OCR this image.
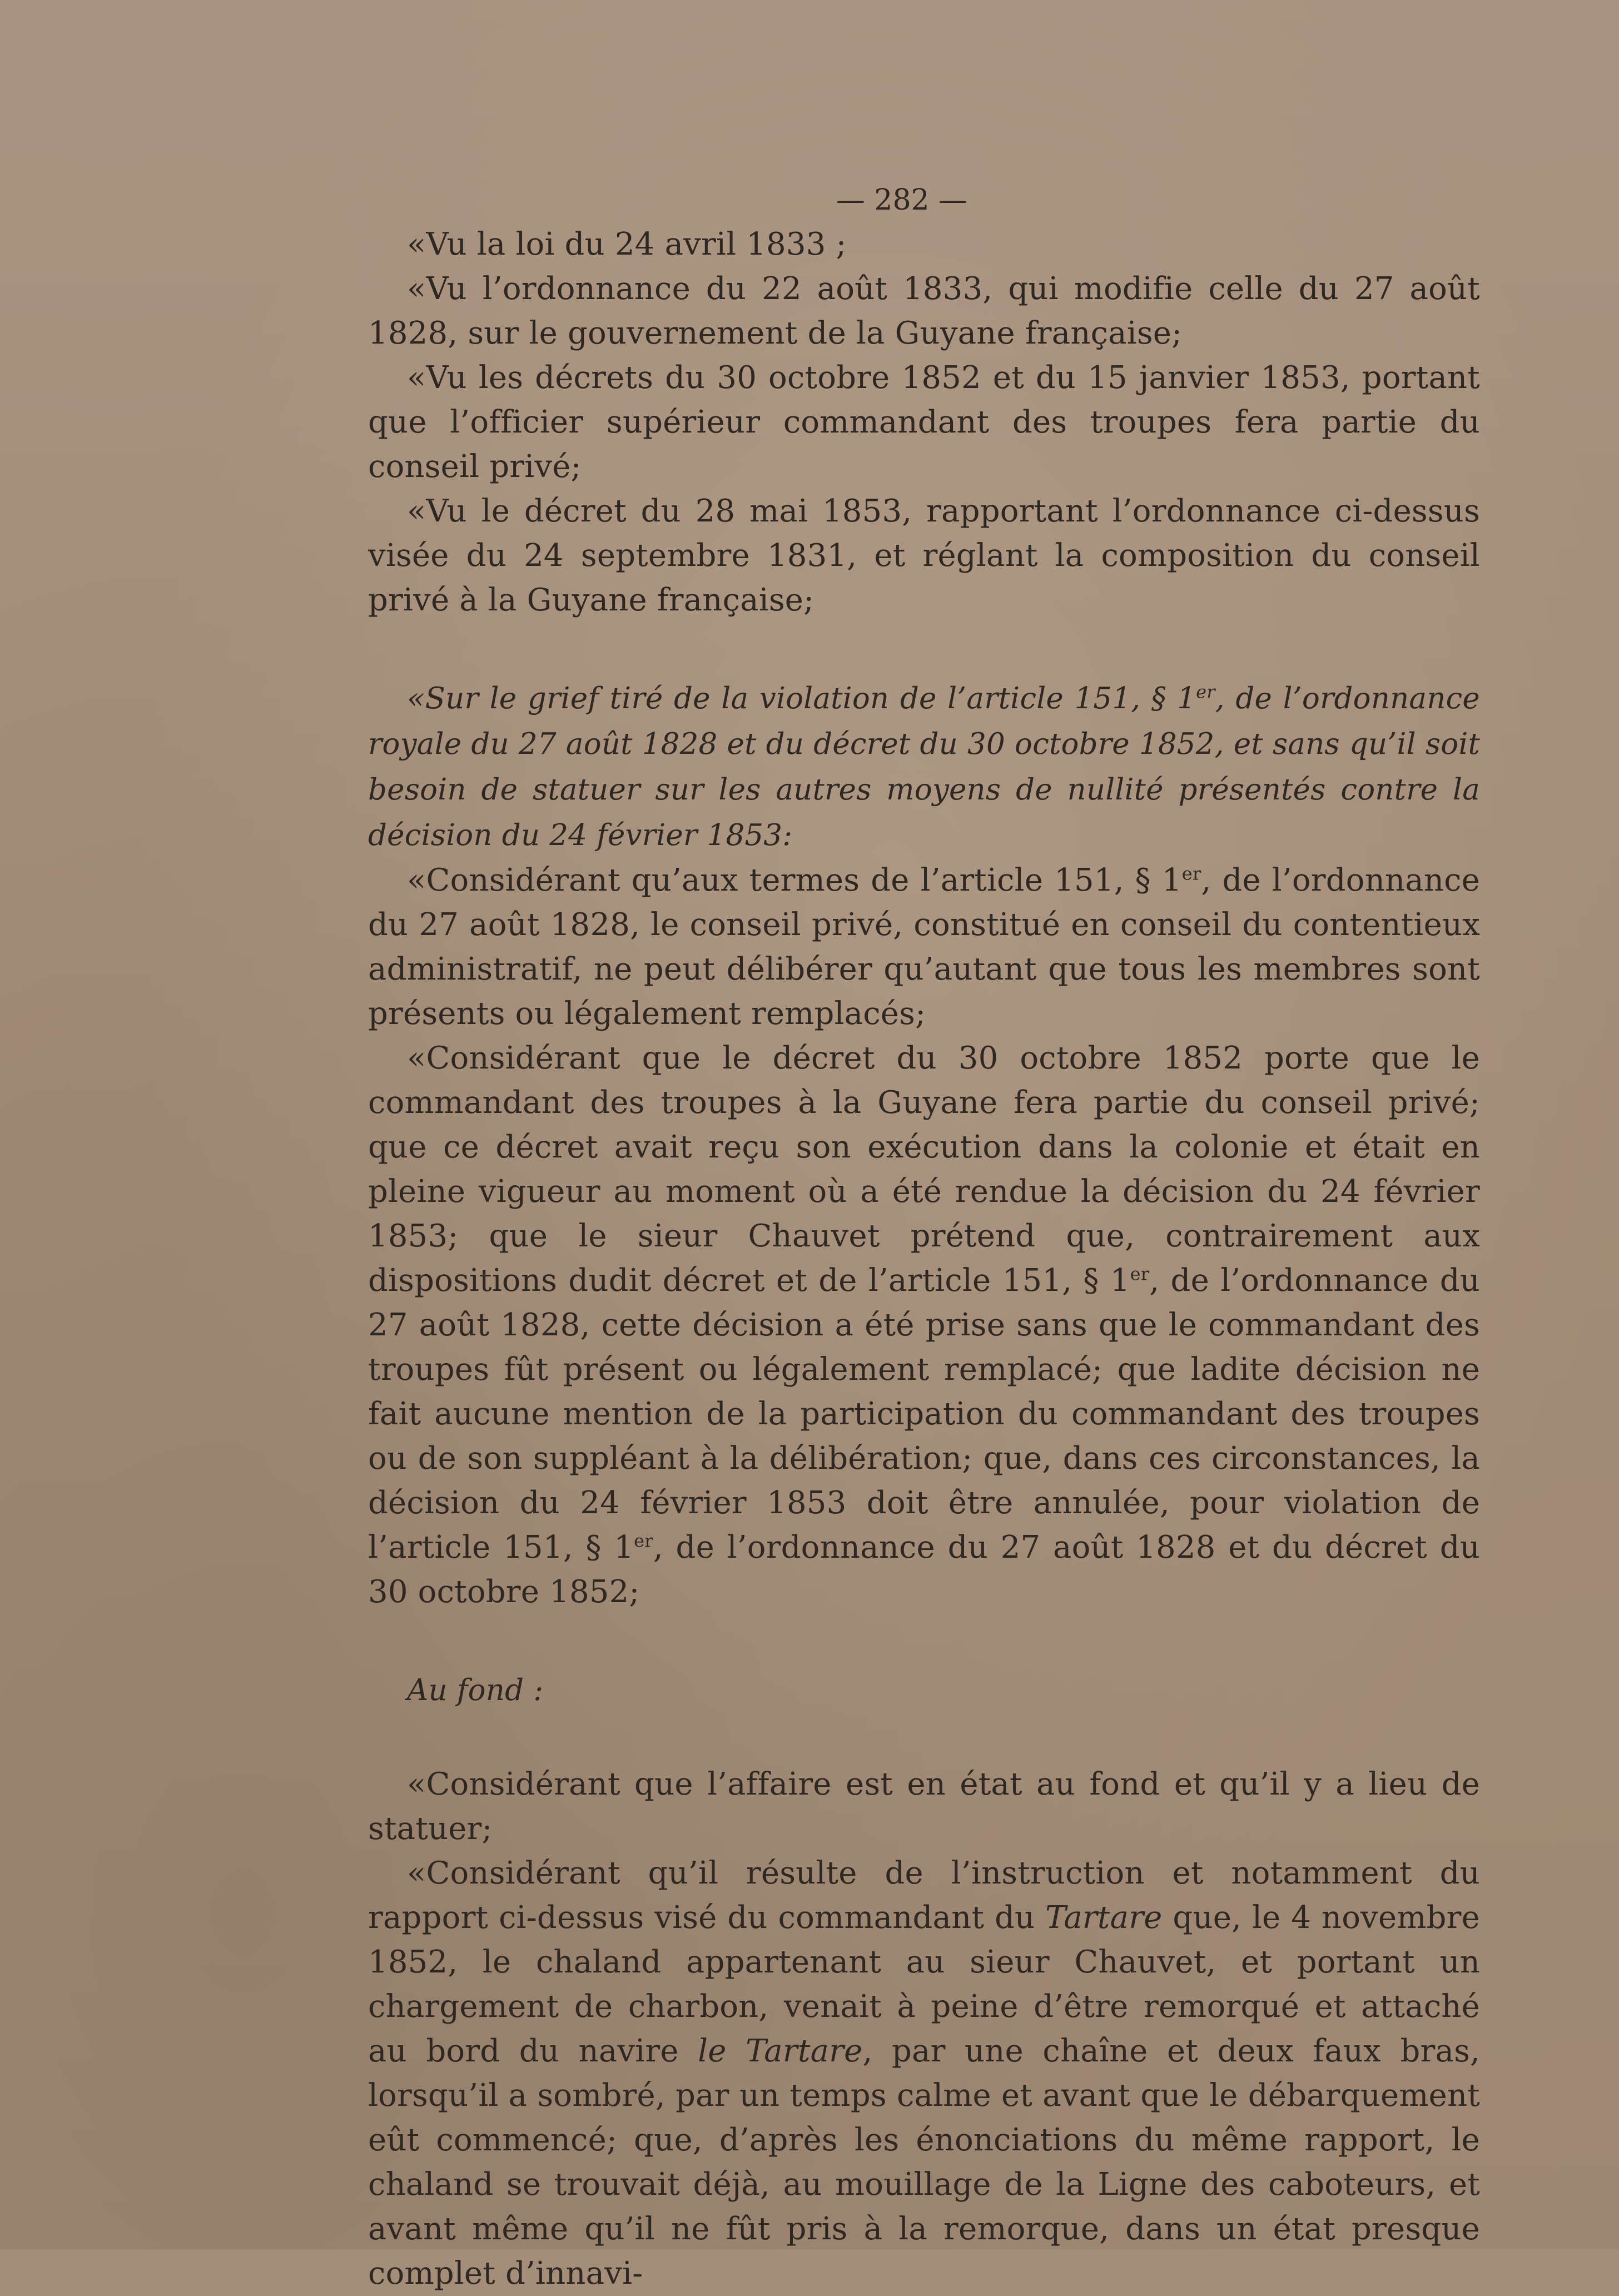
— 282 —

«Vu la loi du 24 avril 1833 ;

«Vu l’ordonnance du 22 août 1833, qui modifie celle du 27 août 1828, sur le gouvernement de la Guyane française;

«Vu les décrets du 30 octobre 1852 et du 15 janvier 1853, portant que l’officier supérieur commandant des troupes fera partie du conseil privé;

«Vu le décret du 28 mai 1853, rapportant l’ordonnance ci-dessus visée du 24 septembre 1831, et réglant la composition du conseil privé à la Guyane française;

«Sur le grief tiré de la violation de l’article 151, § 1er, de l’ordonnance royale du 27 août 1828 et du décret du 30 octobre 1852, et sans qu’il soit besoin de statuer sur les autres moyens de nullité présentés contre la décision du 24 février 1853:

«Considérant qu’aux termes de l’article 151, § 1er, de l’ordonnance du 27 août 1828, le conseil privé, constitué en conseil du contentieux administratif, ne peut délibérer qu’autant que tous les membres sont présents ou légalement remplacés;

«Considérant que le décret du 30 octobre 1852 porte que le commandant des troupes à la Guyane fera partie du conseil privé; que ce décret avait reçu son exécution dans la colonie et était en pleine vigueur au moment où a été rendue la décision du 24 février 1853; que le sieur Chauvet prétend que, contrairement aux dispositions dudit décret et de l’article 151, § 1er, de l’ordonnance du 27 août 1828, cette décision a été prise sans que le commandant des troupes fût présent ou légalement remplacé; que ladite décision ne fait aucune mention de la participation du commandant des troupes ou de son suppléant à la délibération; que, dans ces circonstances, la décision du 24 février 1853 doit être annulée, pour violation de l’article 151, § 1er, de l’ordonnance du 27 août 1828 et du décret du 30 octobre 1852;

Au fond :

«Considérant que l’affaire est en état au fond et qu’il y a lieu de statuer;

«Considérant qu’il résulte de l’instruction et notamment du rapport ci-dessus visé du commandant du Tartare que, le 4 novembre 1852, le chaland appartenant au sieur Chauvet, et portant un chargement de charbon, venait à peine d’être remorqué et attaché au bord du navire le Tartare, par une chaîne et deux faux bras, lorsqu’il a sombré, par un temps calme et avant que le débarquement eût commencé; que, d’après les énonciations du même rapport, le chaland se trouvait déjà, au mouillage de la Ligne des caboteurs, et avant même qu’il ne fût pris à la remorque, dans un état presque complet d’innavi-
